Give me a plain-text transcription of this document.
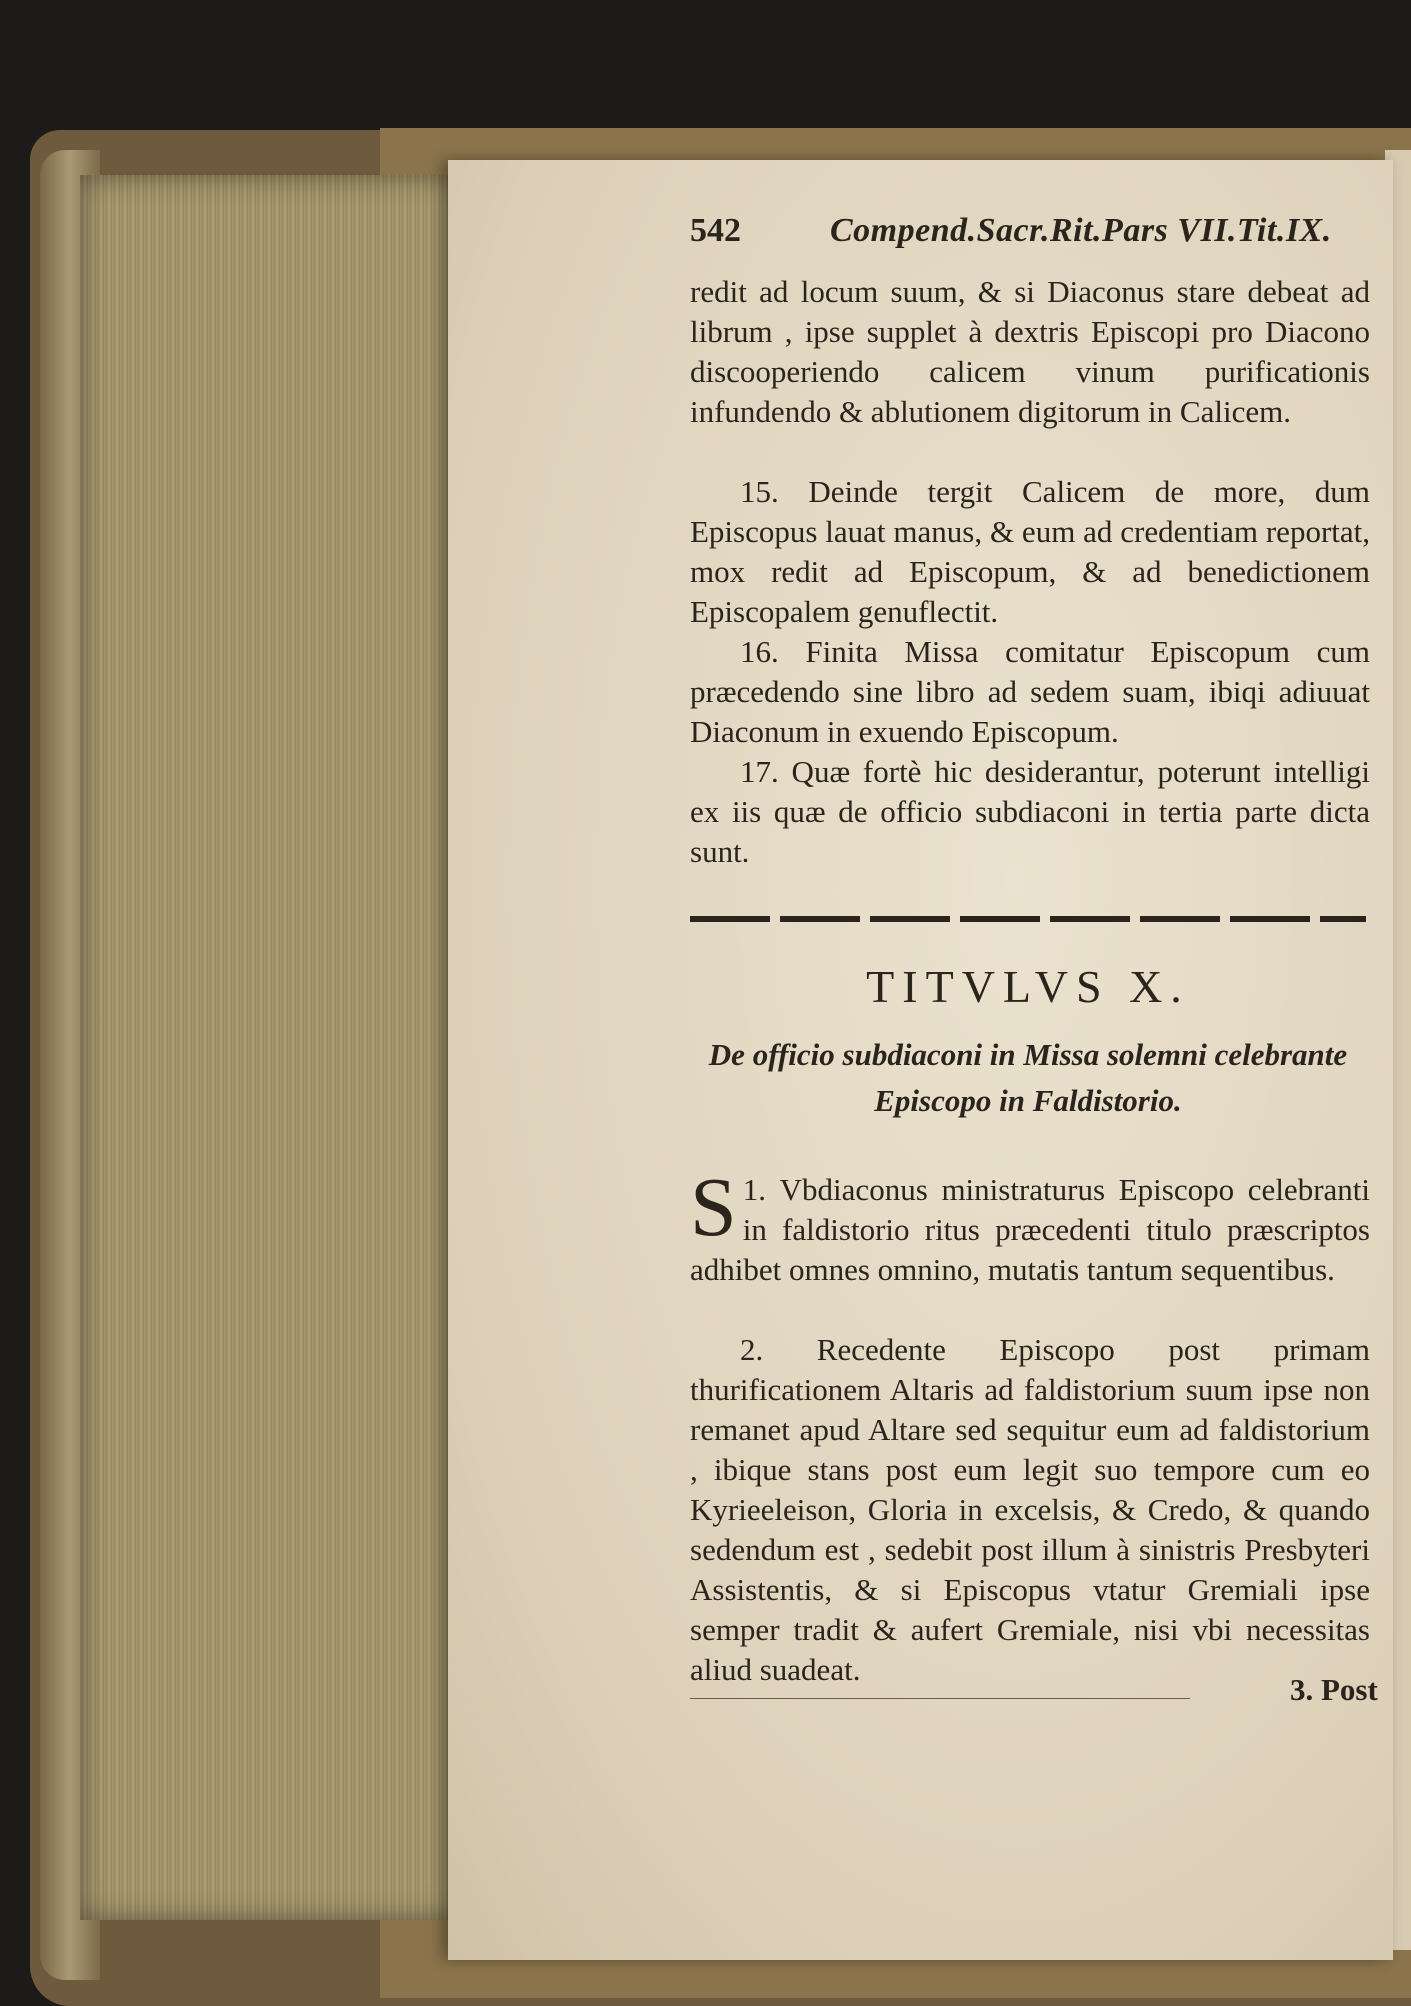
542	Compend.Sacr.Rit.Pars VII.Tit.IX.
redit ad locum suum, & si Diaconus stare debeat ad librum , ipse supplet à dextris Episcopi pro Diacono discooperiendo calicem vinum purificationis infundendo & ablutionem digitorum in Calicem.
15. Deinde tergit Calicem de more, dum Episcopus lauat manus, & eum ad credentiam reportat, mox redit ad Episcopum, & ad benedictionem Episcopalem genuflectit.
16. Finita Missa comitatur Episcopum cum præcedendo sine libro ad sedem suam, ibiqi adiuuat Diaconum in exuendo Episcopum.
17. Quæ fortè hic desiderantur, poterunt intelligi ex iis quæ de officio subdiaconi in tertia parte dicta sunt.
TITVLVS X.
De officio subdiaconi in Missa solemni celebrante Episcopo in Faldistorio.
1.
S Vbdiaconus ministraturus Episcopo celebranti in faldistorio ritus præcedenti titulo præscriptos adhibet omnes omnino, mutatis tantum sequentibus.
2. Recedente Episcopo post primam thurificationem Altaris ad faldistorium suum ipse non remanet apud Altare sed sequitur eum ad faldistorium , ibique stans post eum legit suo tempore cum eo Kyrieeleison, Gloria in excelsis, & Credo, & quando sedendum est , sedebit post illum à sinistris Presbyteri Assistentis, & si Episcopus vtatur Gremiali ipse semper tradit & aufert Gremiale, nisi vbi necessitas aliud suadeat.
3. Post
